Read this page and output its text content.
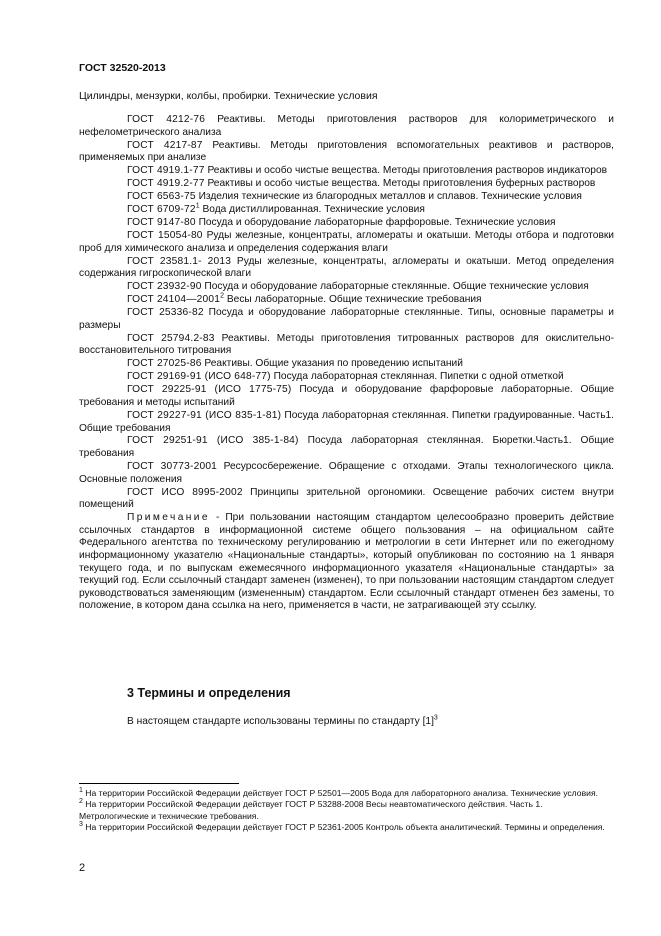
ГОСТ 32520-2013
Цилиндры, мензурки, колбы, пробирки. Технические условия

ГОСТ 4212-76 Реактивы. Методы приготовления растворов для колориметрического и нефелометрического анализа

ГОСТ 4217-87 Реактивы. Методы приготовления вспомогательных реактивов и растворов, применяемых при анализе

ГОСТ 4919.1-77 Реактивы и особо чистые вещества. Методы приготовления растворов индикаторов

ГОСТ 4919.2-77 Реактивы и особо чистые вещества. Методы приготовления буферных растворов

ГОСТ 6563-75 Изделия технические из благородных металлов и сплавов. Технические условия

ГОСТ $6709-72^1$ Вода дистиллированная. Технические условия

ГОСТ 9147-80 Посуда и оборудование лабораторные фарфоровые. Технические условия

ГОСТ 15054-80 Руды железные, концентраты, агломераты и окатыши. Методы отбора и подготовки проб для химического анализа и определения содержания влаги

ГОСТ 23581.1- 2013 Руды железные, концентраты, агломераты и окатыши. Метод определения содержания гигроскопической влаги

ГОСТ 23932-90 Посуда и оборудование лабораторные стеклянные. Общие технические условия

ГОСТ 24104—2001$^2$ Весы лабораторные. Общие технические требования

ГОСТ 25336-82 Посуда и оборудование лабораторные стеклянные. Типы, основные параметры и размеры

ГОСТ 25794.2-83 Реактивы. Методы приготовления титрованных растворов для окислительно-восстановительного титрования

ГОСТ 27025-86 Реактивы. Общие указания по проведению испытаний

ГОСТ 29169-91 (ИСО 648-77) Посуда лабораторная стеклянная. Пипетки с одной отметкой

ГОСТ 29225-91 (ИСО 1775-75) Посуда и оборудование фарфоровые лабораторные. Общие требования и методы испытаний

ГОСТ 29227-91 (ИСО 835-1-81) Посуда лабораторная стеклянная. Пипетки градуированные. Часть1. Общие требования

ГОСТ 29251-91 (ИСО 385-1-84) Посуда лабораторная стеклянная. Бюретки.Часть1. Общие требования

ГОСТ 30773-2001 Ресурсосбережение. Обращение с отходами. Этапы технологического цикла. Основные положения

ГОСТ ИСО 8995-2002 Принципы зрительной оргономики. Освещение рабочих систем внутри помещений

Примечание - При пользовании настоящим стандартом целесообразно проверить действие ссылочных стандартов в информационной системе общего пользования – на официальном сайте Федерального агентства по техническому регулированию и метрологии в сети Интернет или по ежегодному информационному указателю «Национальные стандарты», который опубликован по состоянию на 1 января текущего года, и по выпускам ежемесячного информационного указателя «Национальные стандарты» за текущий год. Если ссылочный стандарт заменен (изменен), то при пользовании настоящим стандартом следует руководствоваться заменяющим (измененным) стандартом. Если ссылочный стандарт отменен без замены, то положение, в котором дана ссылка на него, применяется в части, не затрагивающей эту ссылку.

3 Термины и определения
В настоящем стандарте использованы термины по стандарту $[1]^3$

$^1$ На территории Российской Федерации действует ГОСТ Р 52501—2005 Вода для лабораторного анализа. Технические условия.

$^2$ На территории Российской Федерации действует ГОСТ Р 53288-2008 Весы неавтоматического действия. Часть 1. Метрологические и технические требования.

$^3$ На территории Российской Федерации действует ГОСТ Р 52361-2005 Контроль объекта аналитический. Термины и определения.

2
